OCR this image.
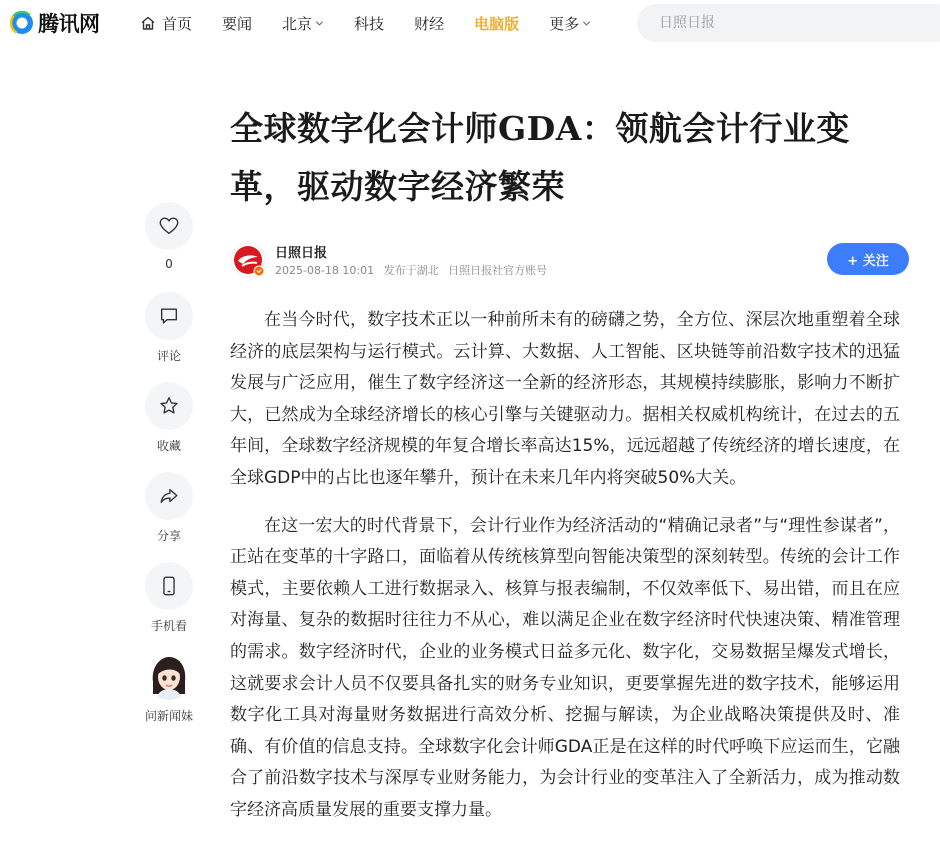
腾讯网	首页 要闻 北京	科技 财经 电脑版 更多
日照日报
0
评论
收藏
分享
手机看
问新闻妹
全球数字化会计师GDA：领航会计行业变革，驱动数字经济繁荣
日照日报
2025-08-18 10:01 发布于湖北 日照日报社官方账号
+ 关注

在当今时代，数字技术正以一种前所未有的磅礴之势，全方位、深层次地重塑着全球经济的底层架构与运行模式。云计算、大数据、人工智能、区块链等前沿数字技术的迅猛发展与广泛应用，催生了数字经济这一全新的经济形态，其规模持续膨胀，影响力不断扩大，已然成为全球经济增长的核心引擎与关键驱动力。据相关权威机构统计，在过去的五年间，全球数字经济规模的年复合增长率高达15%，远远超越了传统经济的增长速度，在全球GDP中的占比也逐年攀升，预计在未来几年内将突破50%大关。

在这一宏大的时代背景下，会计行业作为经济活动的“精确记录者”与“理性参谋者”，正站在变革的十字路口，面临着从传统核算型向智能决策型的深刻转型。传统的会计工作模式，主要依赖人工进行数据录入、核算与报表编制，不仅效率低下、易出错，而且在应对海量、复杂的数据时往往力不从心，难以满足企业在数字经济时代快速决策、精准管理的需求。数字经济时代，企业的业务模式日益多元化、数字化，交易数据呈爆发式增长，这就要求会计人员不仅要具备扎实的财务专业知识，更要掌握先进的数字技术，能够运用数字化工具对海量财务数据进行高效分析、挖掘与解读，为企业战略决策提供及时、准确、有价值的信息支持。全球数字化会计师GDA正是在这样的时代呼唤下应运而生，它融合了前沿数字技术与深厚专业财务能力，为会计行业的变革注入了全新活力，成为推动数字经济高质量发展的重要支撑力量。
